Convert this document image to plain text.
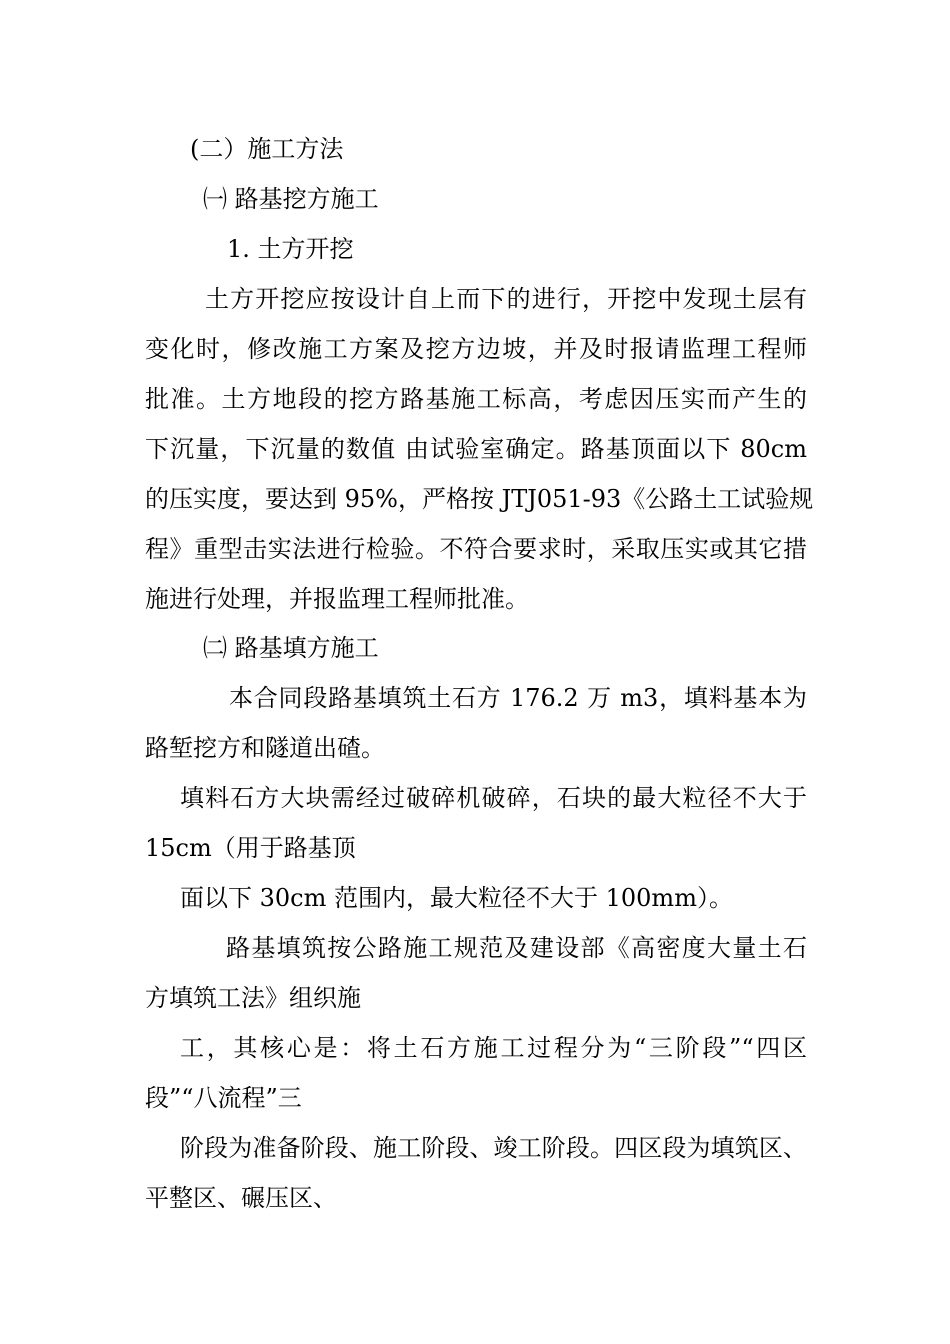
(二）施工方法
㈠ 路基挖方施工
1. 土方开挖
土方开挖应按设计自上而下的进行，开挖中发现土层有
变化时，修改施工方案及挖方边坡，并及时报请监理工程师
批准。土方地段的挖方路基施工标高，考虑因压实而产生的
下沉量，下沉量的数值 由试验室确定。路基顶面以下 80cm
的压实度，要达到 95%，严格按 JTJ051-93《公路土工试验规
程》重型击实法进行检验。不符合要求时，采取压实或其它措
施进行处理，并报监理工程师批准。
㈡ 路基填方施工
本合同段路基填筑土石方 176.2 万 m3，填料基本为
路堑挖方和隧道出碴。
填料石方大块需经过破碎机破碎，石块的最大粒径不大于
15cm（用于路基顶
面以下 30cm 范围内，最大粒径不大于 100mm）。
路基填筑按公路施工规范及建设部《高密度大量土石
方填筑工法》组织施
工，其核心是：将土石方施工过程分为“三阶段”“四区
段”“八流程”三
阶段为准备阶段、施工阶段、竣工阶段。四区段为填筑区、
平整区、碾压区、
